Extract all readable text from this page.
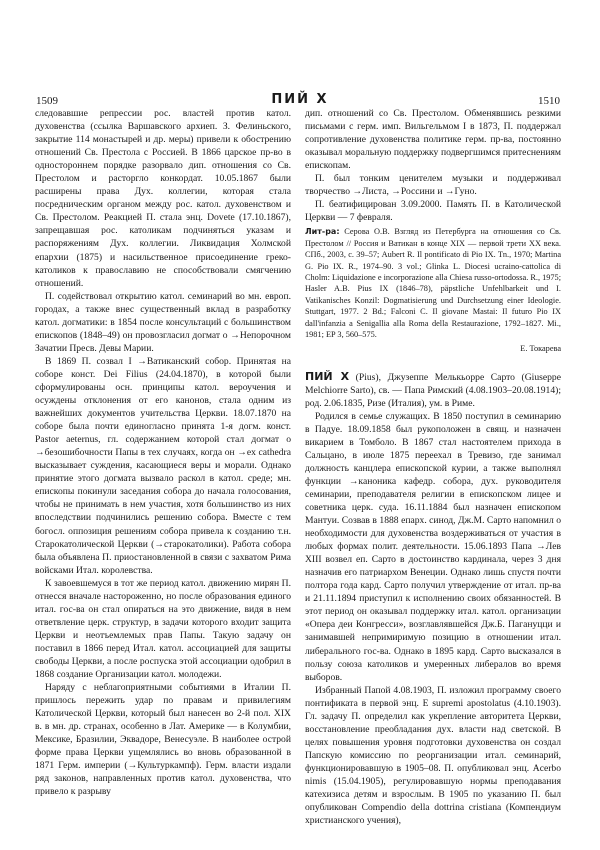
1509	ПИЙ X	1510

следовавшие репрессии рос. властей против катол. духовенства (ссылка Варшавского архиеп. З. Фелиньского, закрытие 114 монастырей и др. меры) привели к обострению отношений Св. Престола с Россией. В 1866 царское пр-во в одностороннем порядке разорвало дип. отношения со Св. Престолом и расторгло конкордат. 10.05.1867 были расширены права Дух. коллегии, которая стала посредническим органом между рос. катол. духовенством и Св. Престолом. Реакцией П. стала энц. Dovete (17.10.1867), запрещавшая рос. католикам подчиняться указам и распоряжениям Дух. коллегии. Ликвидация Холмской епархии (1875) и насильственное присоединение греко-католиков к православию не способствовали смягчению отношений.

П. содействовал открытию катол. семинарий во мн. европ. городах, а также внес существенный вклад в разработку катол. догматики: в 1854 после консультаций с большинством епископов (1848–49) он провозгласил догмат о →Непорочном Зачатии Пресв. Девы Марии.

В 1869 П. созвал I →Ватиканский собор. Принятая на соборе конст. Dei Filius (24.04.1870), в которой были сформулированы осн. принципы катол. вероучения и осуждены отклонения от его канонов, стала одним из важнейших документов учительства Церкви. 18.07.1870 на соборе была почти единогласно принята 1-я догм. конст. Pastor aeternus, гл. содержанием которой стал догмат о →безошибочности Папы в тех случаях, когда он →ex cathedra высказывает суждения, касающиеся веры и морали. Однако принятие этого догмата вызвало раскол в катол. среде; мн. епископы покинули заседания собора до начала голосования, чтобы не принимать в нем участия, хотя большинство из них впоследствии подчинились решению собора. Вместе с тем богосл. оппозиция решениям собора привела к созданию т.н. Старокатолической Церкви (→старокатолики). Работа собора была объявлена П. приостановленной в связи с захватом Рима войсками Итал. королевства.

К завоевшемуся в тот же период катол. движению мирян П. отнесся вначале настороженно, но после образования единого итал. гос-ва он стал опираться на это движение, видя в нем ответвление церк. структур, в задачи которого входит защита Церкви и неотъемлемых прав Папы. Такую задачу он поставил в 1866 перед Итал. катол. ассоциацией для защиты свободы Церкви, а после роспуска этой ассоциации одобрил в 1868 создание Организации катол. молодежи.

Наряду с неблагоприятными событиями в Италии П. пришлось пережить удар по правам и привилегиям Католической Церкви, который был нанесен во 2-й пол. XIX в. в мн. др. странах, особенно в Лат. Америке — в Колумбии, Мексике, Бразилии, Эквадоре, Венесуэле. В наиболее острой форме права Церкви ущемлялись во вновь образованной в 1871 Герм. империи (→Культуркампф). Герм. власти издали ряд законов, направленных против катол. духовенства, что привело к разрыву

дип. отношений со Св. Престолом. Обменявшись резкими письмами с герм. имп. Вильгельмом I в 1873, П. поддержал сопротивление духовенства политике герм. пр-ва, постоянно оказывал моральную поддержку подвергшимся притеснениям епископам.

П. был тонким ценителем музыки и поддерживал творчество →Листа, →Россини и →Гуно.

П. беатифицирован 3.09.2000. Память П. в Католической Церкви — 7 февраля.

Лит-ра: Серова О.В. Взгляд из Петербурга на отношения со Св. Престолом // Россия и Ватикан в конце XIX — первой трети XX века. СПб., 2003, с. 39–57; Aubert R. Il pontificato di Pio IX. Tn., 1970; Martina G. Pio IX. R., 1974–90. 3 vol.; Glinka L. Diocesi ucraino-cattolica di Cholm: Liquidazione e incorporazione alla Chiesa russo-ortodossa. R., 1975; Hasler A.B. Pius IX (1846–78), päpstliche Unfehlbarkeit und I. Vatikanisches Konzil: Dogmatisierung und Durchsetzung einer Ideologie. Stuttgart, 1977. 2 Bd.; Falconi C. Il giovane Mastai: Il futuro Pio IX dall'infanzia a Senigallia alla Roma della Restaurazione, 1792–1827. Mi., 1981; EP 3, 560–575.

Е. Токарева

ПИЙ X (Pius), Джузеппе Мелькьорре Сарто (Giuseppe Melchiorre Sarto), св. — Папа Римский (4.08.1903–20.08.1914); род. 2.06.1835, Ризе (Италия), ум. в Риме.

Родился в семье служащих. В 1850 поступил в семинарию в Падуе. 18.09.1858 был рукоположен в свящ. и назначен викарием в Томболо. В 1867 стал настоятелем прихода в Сальцано, в июле 1875 переехал в Тревизо, где занимал должность канцлера епископской курии, а также выполнял функции →каноника кафедр. собора, дух. руководителя семинарии, преподавателя религии в епископском лицее и советника церк. суда. 16.11.1884 был назначен епископом Мантуи. Созвав в 1888 епарх. синод, Дж.М. Сарто напомнил о необходимости для духовенства воздерживаться от участия в любых формах полит. деятельности. 15.06.1893 Папа →Лев XIII возвел еп. Сарто в достоинство кардинала, через 3 дня назначив его патриархом Венеции. Однако лишь спустя почти полтора года кард. Сарто получил утверждение от итал. пр-ва и 21.11.1894 приступил к исполнению своих обязанностей. В этот период он оказывал поддержку итал. катол. организации «Опера деи Конгресси», возглавлявшейся Дж.Б. Пагануцци и занимавшей непримиримую позицию в отношении итал. либерального гос-ва. Однако в 1895 кард. Сарто высказался в пользу союза католиков и умеренных либералов во время выборов.

Избранный Папой 4.08.1903, П. изложил программу своего понтификата в первой энц. E supremi apostolatus (4.10.1903). Гл. задачу П. определил как укрепление авторитета Церкви, восстановление преобладания дух. власти над светской. В целях повышения уровня подготовки духовенства он создал Папскую комиссию по реорганизации итал. семинарий, функционировавшую в 1905–08. П. опубликовал энц. Acerbo nimis (15.04.1905), регулировавшую нормы преподавания катехизиса детям и взрослым. В 1905 по указанию П. был опубликован Compendio della dottrina cristiana (Компендиум христианского учения),
